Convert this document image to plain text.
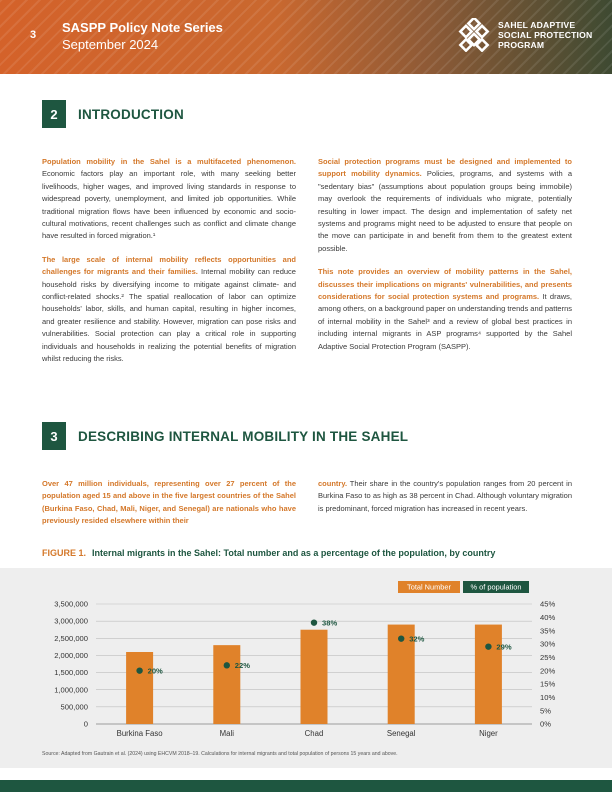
3 SASPP Policy Note Series
September 2024
SAHEL ADAPTIVE
SOCIAL PROTECTION
PROGRAM
2	INTRODUCTION

Population mobility in the Sahel is a multifaceted phenomenon. Economic factors play an important role, with many seeking better livelihoods, higher wages, and improved living standards in response to widespread poverty, unemployment, and limited job opportunities. While traditional migration flows have been influenced by economic and socio-cultural motivations, recent challenges such as conflict and climate change have resulted in forced migration.¹

The large scale of internal mobility reflects opportunities and challenges for migrants and their families. Internal mobility can reduce household risks by diversifying income to mitigate against climate- and conflict-related shocks.² The spatial reallocation of labor can optimize households' labor, skills, and human capital, resulting in higher incomes, and greater resilience and stability. However, migration can pose risks and vulnerabilities. Social protection can play a critical role in supporting individuals and households in realizing the potential benefits of migration whilst reducing the risks.

Social protection programs must be designed and implemented to support mobility dynamics. Policies, programs, and systems with a "sedentary bias" (assumptions about population groups being immobile) may overlook the requirements of individuals who migrate, potentially resulting in lower impact. The design and implementation of safety net systems and programs might need to be adjusted to ensure that people on the move can participate in and benefit from them to the greatest extent possible.

This note provides an overview of mobility patterns in the Sahel, discusses their implications on migrants' vulnerabilities, and presents considerations for social protection systems and programs. It draws, among others, on a background paper on understanding trends and patterns of internal mobility in the Sahel³ and a review of global best practices in including internal migrants in ASP programs⁴ supported by the Sahel Adaptive Social Protection Program (SASPP).

3	DESCRIBING INTERNAL MOBILITY IN THE SAHEL

Over 47 million individuals, representing over 27 percent of the population aged 15 and above in the five largest countries of the Sahel (Burkina Faso, Chad, Mali, Niger, and Senegal) are nationals who have previously resided elsewhere within their

country. Their share in the country's population ranges from 20 percent in Burkina Faso to as high as 38 percent in Chad. Although voluntary migration is predominant, forced migration has increased in recent years.

FIGURE 1. Internal migrants in the Sahel: Total number and as a percentage of the population, by country
0
500,000
1,000,000
1,500,000
2,000,000
2,500,000
3,000,000
3,500,000
0%
5%
10%
15%
20%
25%
30%
35%
40%
45%
Burkina Faso
20%
Mali
22%
Chad
38%
Senegal
32%
Niger
29%
Total Number	% of population
Source: Adapted from Gautrain et al. (2024) using EHCVM 2018–19. Calculations for internal migrants and total population of persons 15 years and above.
